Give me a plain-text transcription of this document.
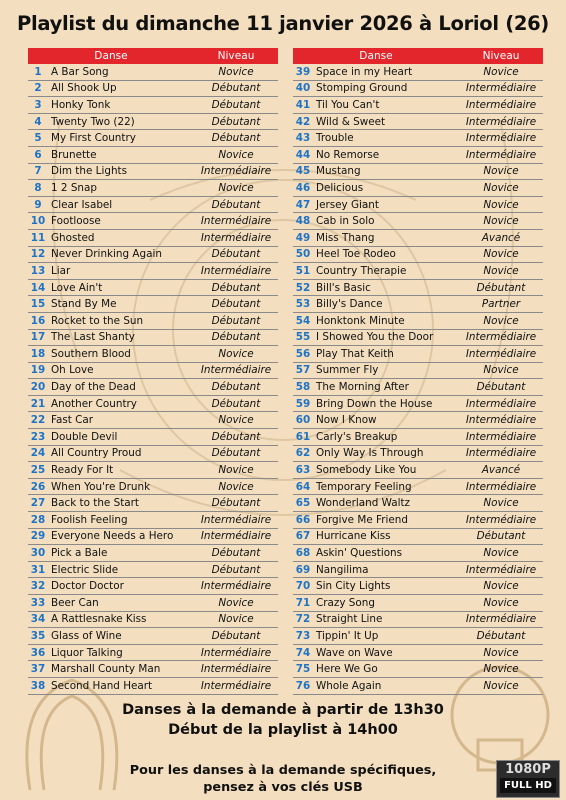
Playlist du dimanche 11 janvier 2026 à Loriol (26)
Danse		Niveau
1	A Bar Song	Novice
2	All Shook Up	Débutant
3	Honky Tonk	Débutant
4	Twenty Two (22)	Débutant
5	My First Country	Débutant
6	Brunette	Novice
7	Dim the Lights	Intermédiaire
8	1 2 Snap	Novice
9	Clear Isabel	Débutant
10	Footloose	Intermédiaire
11	Ghosted	Intermédiaire
12	Never Drinking Again	Débutant
13	Liar	Intermédiaire
14	Love Ain't	Débutant
15	Stand By Me	Débutant
16	Rocket to the Sun	Débutant
17	The Last Shanty	Débutant
18	Southern Blood	Novice
19	Oh Love	Intermédiaire
20	Day of the Dead	Débutant
21	Another Country	Débutant
22	Fast Car	Novice
23	Double Devil	Débutant
24	All Country Proud	Débutant
25	Ready For It	Novice
26	When You're Drunk	Novice
27	Back to the Start	Débutant
28	Foolish Feeling	Intermédiaire
29	Everyone Needs a Hero	Intermédiaire
30	Pick a Bale	Débutant
31	Electric Slide	Débutant
32	Doctor Doctor	Intermédiaire
33	Beer Can	Novice
34	A Rattlesnake Kiss	Novice
35	Glass of Wine	Débutant
36	Liquor Talking	Intermédiaire
37	Marshall County Man	Intermédiaire
38	Second Hand Heart	Intermédiaire
Danse		Niveau
39	Space in my Heart	Novice
40	Stomping Ground	Intermédiaire
41	Til You Can't	Intermédiaire
42	Wild & Sweet	Intermédiaire
43	Trouble	Intermédiaire
44	No Remorse	Intermédiaire
45	Mustang	Novice
46	Delicious	Novice
47	Jersey Giant	Novice
48	Cab in Solo	Novice
49	Miss Thang	Avancé
50	Heel Toe Rodeo	Novice
51	Country Therapie	Novice
52	Bill's Basic	Débutant
53	Billy's Dance	Partner
54	Honktonk Minute	Novice
55	I Showed You the Door	Intermédiaire
56	Play That Keith	Intermédiaire
57	Summer Fly	Novice
58	The Morning After	Débutant
59	Bring Down the House	Intermédiaire
60	Now I Know	Intermédiaire
61	Carly's Breakup	Intermédiaire
62	Only Way Is Through	Intermédiaire
63	Somebody Like You	Avancé
64	Temporary Feeling	Intermédiaire
65	Wonderland Waltz	Novice
66	Forgive Me Friend	Intermédiaire
67	Hurricane Kiss	Débutant
68	Askin' Questions	Novice
69	Nangilima	Intermédiaire
70	Sin City Lights	Novice
71	Crazy Song	Novice
72	Straight Line	Intermédiaire
73	Tippin' It Up	Débutant
74	Wave on Wave	Novice
75	Here We Go	Novice
76	Whole Again	Novice
Danses à la demande à partir de 13h30
Début de la playlist à 14h00
Pour les danses à la demande spécifiques,
pensez à vos clés USB
1080P
FULL HD
